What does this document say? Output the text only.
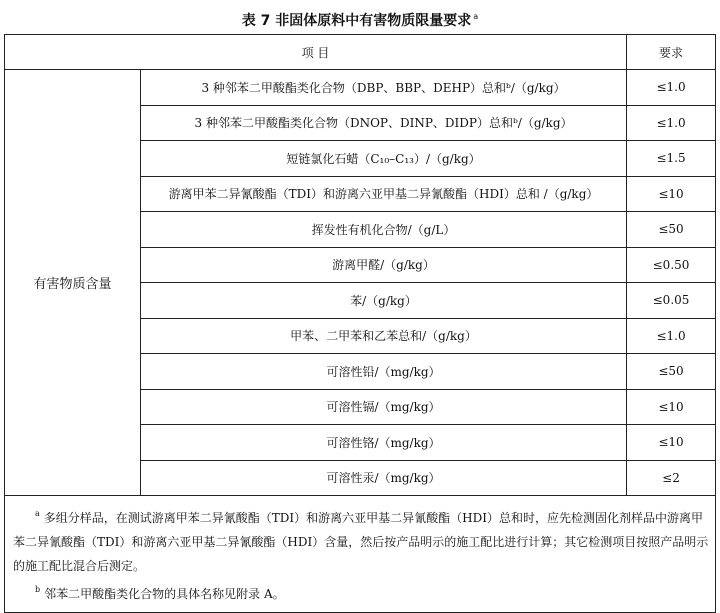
表 7 非固体原料中有害物质限量要求 $^a$
项 目		要求
有害物质含量	3 种邻苯二甲酸酯类化合物（DBP、BBP、DEHP）总和ᵇ/（g/kg）	≤1.0
	3 种邻苯二甲酸酯类化合物（DNOP、DINP、DIDP）总和ᵇ/（g/kg）	≤1.0
	短链氯化石蜡（C₁₀–C₁₃）/（g/kg）	≤1.5
	游离甲苯二异氰酸酯（TDI）和游离六亚甲基二异氰酸酯（HDI）总和 /（g/kg）	≤10
	挥发性有机化合物/（g/L）	≤50
	游离甲醛/（g/kg）	≤0.50
	苯/（g/kg）	≤0.05
	甲苯、二甲苯和乙苯总和/（g/kg）	≤1.0
	可溶性铅/（mg/kg）	≤50
	可溶性镉/（mg/kg）	≤10
	可溶性铬/（mg/kg）	≤10
	可溶性汞/（mg/kg）	≤2

$^a$ 多组分样品，在测试游离甲苯二异氰酸酯（TDI）和游离六亚甲基二异氰酸酯（HDI）总和时，应先检测固化剂样品中游离甲苯二异氰酸酯（TDI）和游离六亚甲基二异氰酸酯（HDI）含量，然后按产品明示的施工配比进行计算；其它检测项目按照产品明示的施工配比混合后测定。
$^b$ 邻苯二甲酸酯类化合物的具体名称见附录 A。		
